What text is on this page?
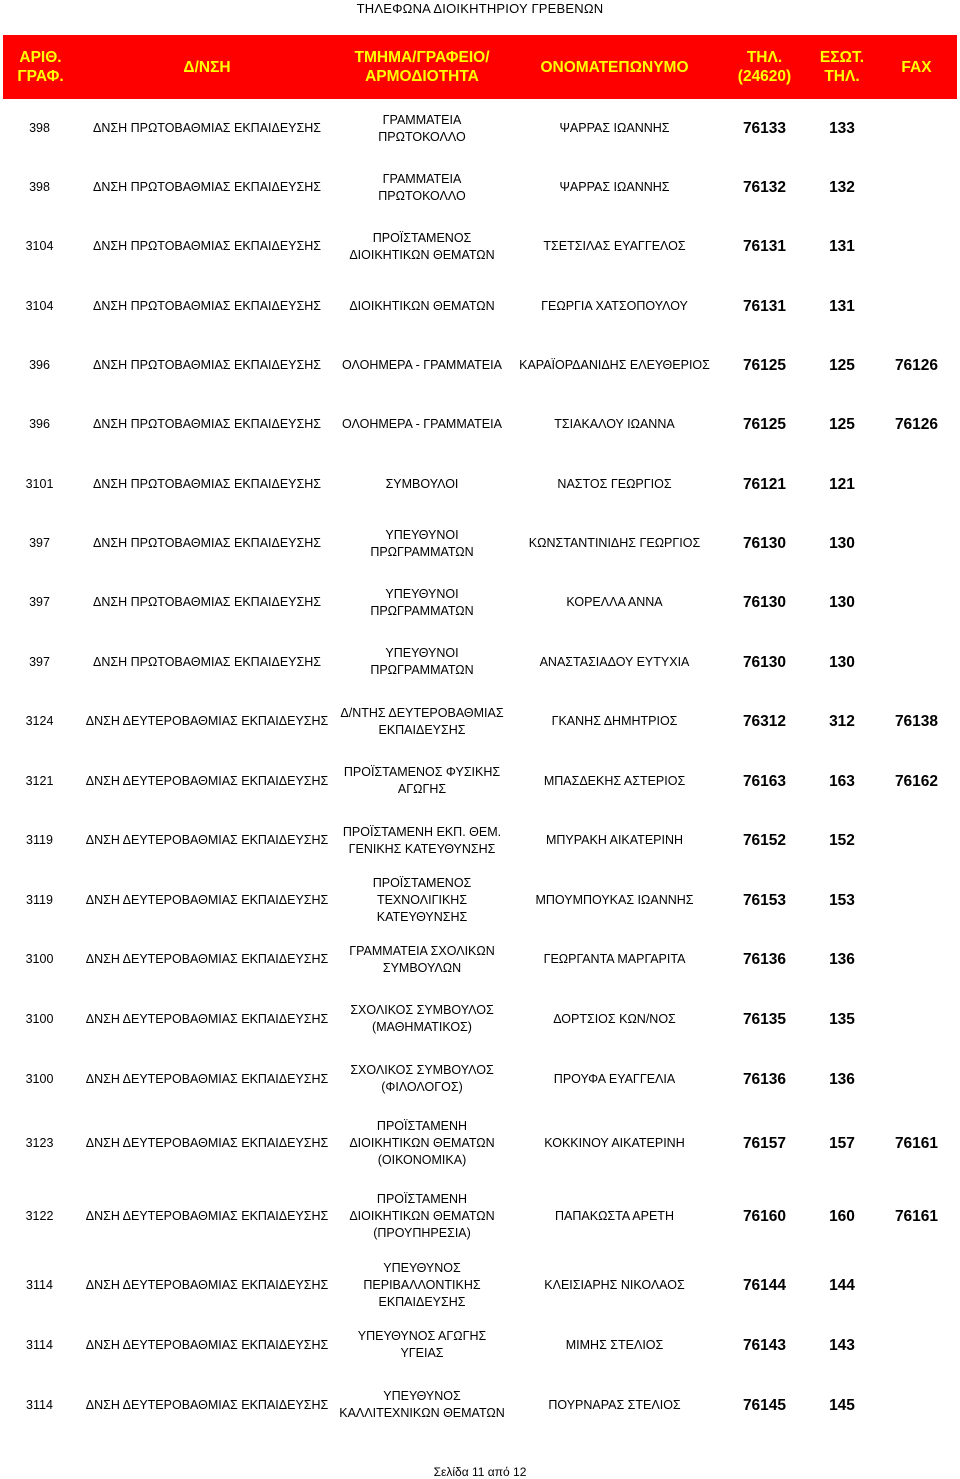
ΤΗΛΕΦΩΝΑ ΔΙΟΙΚΗΤΗΡΙΟΥ ΓΡΕΒΕΝΩΝ
ΑΡΙΘ. ΓΡΑΦ.	Δ/ΝΣΗ	ΤΜΗΜΑ/ΓΡΑΦΕΙΟ/ ΑΡΜΟΔΙΟΤΗΤΑ	ΟΝΟΜΑΤΕΠΩΝΥΜΟ	ΤΗΛ. (24620)	ΕΣΩΤ. ΤΗΛ.	FAX
398	ΔΝΣΗ ΠΡΩΤΟΒΑΘΜΙΑΣ ΕΚΠΑΙΔΕΥΣΗΣ	ΓΡΑΜΜΑΤΕΙΑ ΠΡΩΤΟΚΟΛΛΟ	ΨΑΡΡΑΣ ΙΩΑΝΝΗΣ	76133	133	
398	ΔΝΣΗ ΠΡΩΤΟΒΑΘΜΙΑΣ ΕΚΠΑΙΔΕΥΣΗΣ	ΓΡΑΜΜΑΤΕΙΑ ΠΡΩΤΟΚΟΛΛΟ	ΨΑΡΡΑΣ ΙΩΑΝΝΗΣ	76132	132	
3104	ΔΝΣΗ ΠΡΩΤΟΒΑΘΜΙΑΣ ΕΚΠΑΙΔΕΥΣΗΣ	ΠΡΟΪΣΤΑΜΕΝΟΣ ΔΙΟΙΚΗΤΙΚΩΝ ΘΕΜΑΤΩΝ	ΤΣΕΤΣΙΛΑΣ ΕΥΑΓΓΕΛΟΣ	76131	131	
3104	ΔΝΣΗ ΠΡΩΤΟΒΑΘΜΙΑΣ ΕΚΠΑΙΔΕΥΣΗΣ	ΔΙΟΙΚΗΤΙΚΩΝ ΘΕΜΑΤΩΝ	ΓΕΩΡΓΙΑ ΧΑΤΣΟΠΟΥΛΟΥ	76131	131	
396	ΔΝΣΗ ΠΡΩΤΟΒΑΘΜΙΑΣ ΕΚΠΑΙΔΕΥΣΗΣ	ΟΛΟΗΜΕΡΑ - ΓΡΑΜΜΑΤΕΙΑ	ΚΑΡΑΪΟΡΔΑΝΙΔΗΣ ΕΛΕΥΘΕΡΙΟΣ	76125	125	76126
396	ΔΝΣΗ ΠΡΩΤΟΒΑΘΜΙΑΣ ΕΚΠΑΙΔΕΥΣΗΣ	ΟΛΟΗΜΕΡΑ - ΓΡΑΜΜΑΤΕΙΑ	ΤΣΙΑΚΑΛΟΥ ΙΩΑΝΝΑ	76125	125	76126
3101	ΔΝΣΗ ΠΡΩΤΟΒΑΘΜΙΑΣ ΕΚΠΑΙΔΕΥΣΗΣ	ΣΥΜΒΟΥΛΟΙ	ΝΑΣΤΟΣ ΓΕΩΡΓΙΟΣ	76121	121	
397	ΔΝΣΗ ΠΡΩΤΟΒΑΘΜΙΑΣ ΕΚΠΑΙΔΕΥΣΗΣ	ΥΠΕΥΘΥΝΟΙ ΠΡΩΓΡΑΜΜΑΤΩΝ	ΚΩΝΣΤΑΝΤΙΝΙΔΗΣ ΓΕΩΡΓΙΟΣ	76130	130	
397	ΔΝΣΗ ΠΡΩΤΟΒΑΘΜΙΑΣ ΕΚΠΑΙΔΕΥΣΗΣ	ΥΠΕΥΘΥΝΟΙ ΠΡΩΓΡΑΜΜΑΤΩΝ	ΚΟΡΕΛΛΑ ΑΝΝΑ	76130	130	
397	ΔΝΣΗ ΠΡΩΤΟΒΑΘΜΙΑΣ ΕΚΠΑΙΔΕΥΣΗΣ	ΥΠΕΥΘΥΝΟΙ ΠΡΩΓΡΑΜΜΑΤΩΝ	ΑΝΑΣΤΑΣΙΑΔΟΥ ΕΥΤΥΧΙΑ	76130	130	
3124	ΔΝΣΗ ΔΕΥΤΕΡΟΒΑΘΜΙΑΣ ΕΚΠΑΙΔΕΥΣΗΣ	Δ/ΝΤΗΣ ΔΕΥΤΕΡΟΒΑΘΜΙΑΣ ΕΚΠΑΙΔΕΥΣΗΣ	ΓΚΑΝΗΣ ΔΗΜΗΤΡΙΟΣ	76312	312	76138
3121	ΔΝΣΗ ΔΕΥΤΕΡΟΒΑΘΜΙΑΣ ΕΚΠΑΙΔΕΥΣΗΣ	ΠΡΟΪΣΤΑΜΕΝΟΣ ΦΥΣΙΚΗΣ ΑΓΩΓΗΣ	ΜΠΑΣΔΕΚΗΣ ΑΣΤΕΡΙΟΣ	76163	163	76162
3119	ΔΝΣΗ ΔΕΥΤΕΡΟΒΑΘΜΙΑΣ ΕΚΠΑΙΔΕΥΣΗΣ	ΠΡΟΪΣΤΑΜΕΝΗ ΕΚΠ. ΘΕΜ. ΓΕΝΙΚΗΣ ΚΑΤΕΥΘΥΝΣΗΣ	ΜΠΥΡΑΚΗ ΑΙΚΑΤΕΡΙΝΗ	76152	152	
3119	ΔΝΣΗ ΔΕΥΤΕΡΟΒΑΘΜΙΑΣ ΕΚΠΑΙΔΕΥΣΗΣ	ΠΡΟΪΣΤΑΜΕΝΟΣ ΤΕΧΝΟΛΙΓΙΚΗΣ ΚΑΤΕΥΘΥΝΣΗΣ	ΜΠΟΥΜΠΟΥΚΑΣ ΙΩΑΝΝΗΣ	76153	153	
3100	ΔΝΣΗ ΔΕΥΤΕΡΟΒΑΘΜΙΑΣ ΕΚΠΑΙΔΕΥΣΗΣ	ΓΡΑΜΜΑΤΕΙΑ ΣΧΟΛΙΚΩΝ ΣΥΜΒΟΥΛΩΝ	ΓΕΩΡΓΑΝΤΑ ΜΑΡΓΑΡΙΤΑ	76136	136	
3100	ΔΝΣΗ ΔΕΥΤΕΡΟΒΑΘΜΙΑΣ ΕΚΠΑΙΔΕΥΣΗΣ	ΣΧΟΛΙΚΟΣ ΣΥΜΒΟΥΛΟΣ (ΜΑΘΗΜΑΤΙΚΟΣ)	ΔΟΡΤΣΙΟΣ ΚΩΝ/ΝΟΣ	76135	135	
3100	ΔΝΣΗ ΔΕΥΤΕΡΟΒΑΘΜΙΑΣ ΕΚΠΑΙΔΕΥΣΗΣ	ΣΧΟΛΙΚΟΣ ΣΥΜΒΟΥΛΟΣ (ΦΙΛΟΛΟΓΟΣ)	ΠΡΟΥΦΑ ΕΥΑΓΓΕΛΙΑ	76136	136	
3123	ΔΝΣΗ ΔΕΥΤΕΡΟΒΑΘΜΙΑΣ ΕΚΠΑΙΔΕΥΣΗΣ	ΠΡΟΪΣΤΑΜΕΝΗ ΔΙΟΙΚΗΤΙΚΩΝ ΘΕΜΑΤΩΝ (ΟΙΚΟΝΟΜΙΚΑ)	ΚΟΚΚΙΝΟΥ ΑΙΚΑΤΕΡΙΝΗ	76157	157	76161
3122	ΔΝΣΗ ΔΕΥΤΕΡΟΒΑΘΜΙΑΣ ΕΚΠΑΙΔΕΥΣΗΣ	ΠΡΟΪΣΤΑΜΕΝΗ ΔΙΟΙΚΗΤΙΚΩΝ ΘΕΜΑΤΩΝ (ΠΡΟΥΠΗΡΕΣΙΑ)	ΠΑΠΑΚΩΣΤΑ ΑΡΕΤΗ	76160	160	76161
3114	ΔΝΣΗ ΔΕΥΤΕΡΟΒΑΘΜΙΑΣ ΕΚΠΑΙΔΕΥΣΗΣ	ΥΠΕΥΘΥΝΟΣ ΠΕΡΙΒΑΛΛΟΝΤΙΚΗΣ ΕΚΠΑΙΔΕΥΣΗΣ	ΚΛΕΙΣΙΑΡΗΣ ΝΙΚΟΛΑΟΣ	76144	144	
3114	ΔΝΣΗ ΔΕΥΤΕΡΟΒΑΘΜΙΑΣ ΕΚΠΑΙΔΕΥΣΗΣ	ΥΠΕΥΘΥΝΟΣ ΑΓΩΓΗΣ ΥΓΕΙΑΣ	ΜΙΜΗΣ ΣΤΕΛΙΟΣ	76143	143	
3114	ΔΝΣΗ ΔΕΥΤΕΡΟΒΑΘΜΙΑΣ ΕΚΠΑΙΔΕΥΣΗΣ	ΥΠΕΥΘΥΝΟΣ ΚΑΛΛΙΤΕΧΝΙΚΩΝ ΘΕΜΑΤΩΝ	ΠΟΥΡΝΑΡΑΣ ΣΤΕΛΙΟΣ	76145	145	
Σελίδα 11 από 12
